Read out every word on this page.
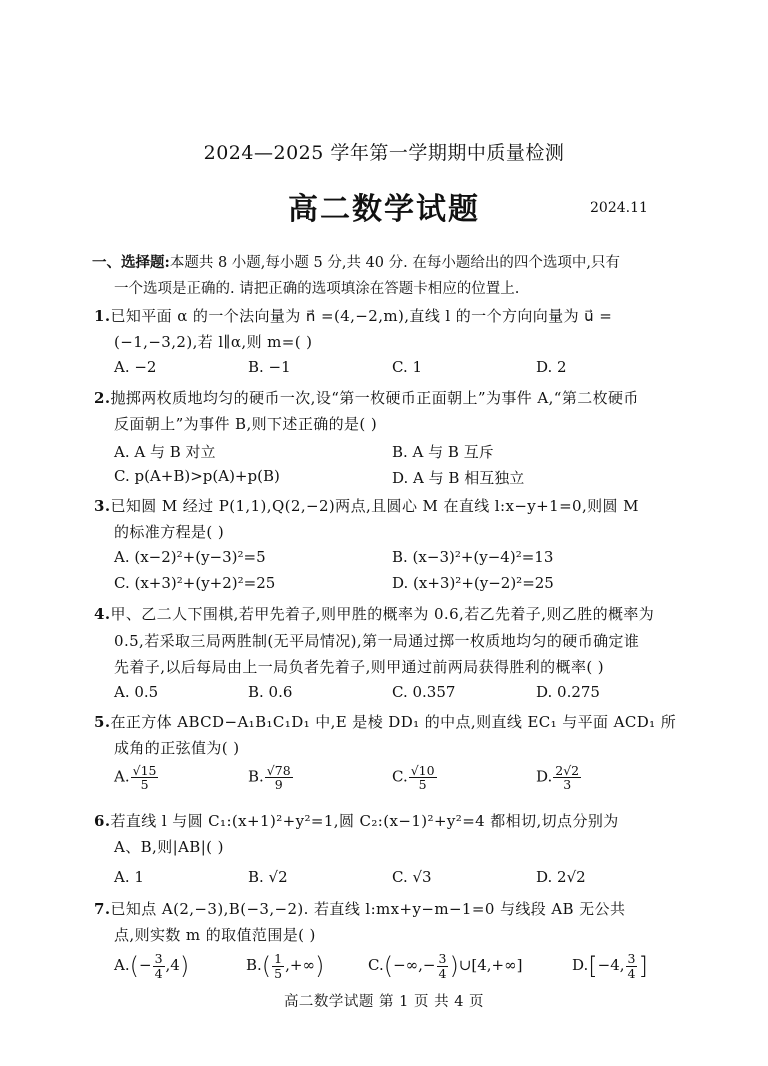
2024—2025 学年第一学期期中质量检测
高二数学试题	2024.11
一、选择题:本题共 8 小题,每小题 5 分,共 40 分. 在每小题给出的四个选项中,只有
一个选项是正确的. 请把正确的选项填涂在答题卡相应的位置上.
1.已知平面 α 的一个法向量为 n⃗ =(4,−2,m),直线 l 的一个方向向量为 u⃗ =
(−1,−3,2),若 l∥α,则 m=( )
A. −2	B. −1	C. 1	D. 2
2.抛掷两枚质地均匀的硬币一次,设“第一枚硬币正面朝上”为事件 A,“第二枚硬币
反面朝上”为事件 B,则下述正确的是( )
A. A 与 B 对立	B. A 与 B 互斥
C. p(A+B)>p(A)+p(B)	D. A 与 B 相互独立
3.已知圆 M 经过 P(1,1),Q(2,−2)两点,且圆心 M 在直线 l:x−y+1=0,则圆 M
的标准方程是( )
A. (x−2)²+(y−3)²=5	B. (x−3)²+(y−4)²=13
C. (x+3)²+(y+2)²=25	D. (x+3)²+(y−2)²=25
4.甲、乙二人下围棋,若甲先着子,则甲胜的概率为 0.6,若乙先着子,则乙胜的概率为
0.5,若采取三局两胜制(无平局情况),第一局通过掷一枚质地均匀的硬币确定谁
先着子,以后每局由上一局负者先着子,则甲通过前两局获得胜利的概率( )
A. 0.5	B. 0.6	C. 0.357	D. 0.275
5.在正方体 ABCD−A₁B₁C₁D₁ 中,E 是棱 DD₁ 的中点,则直线 EC₁ 与平面 ACD₁ 所
成角的正弦值为( )
A. $\frac{√15}{5}$	B. $\frac{√78}{9}$	C. $\frac{√10}{5}$	D. $\frac{2√2}{3}$
6.若直线 l 与圆 C₁:(x+1)²+y²=1,圆 C₂:(x−1)²+y²=4 都相切,切点分别为
A、B,则|AB|( )
A. 1	B. √2	C. √3	D. 2√2
7.已知点 A(2,−3),B(−3,−2). 若直线 l:mx+y−m−1=0 与线段 AB 无公共
点,则实数 m 的取值范围是( )
$A.(- \frac{3}{4} ,4)$	$B.( \frac{1}{5}$ ,+∞)	$C.(-\infty,- \frac{3}{4}$ )∪[4,+∞]	D.[−4, $\frac{3}{4}$ ]
高二数学试题 第 1 页 共 4 页
